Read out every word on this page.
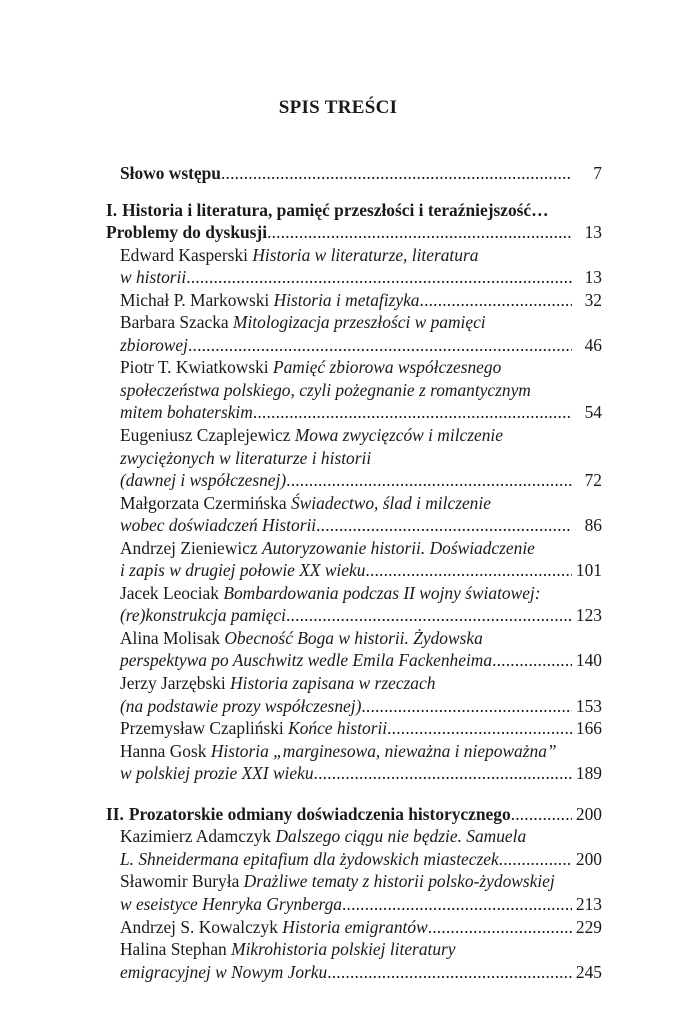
SPIS TREŚCI
Słowo wstępu .....	7
I. Historia i literatura, pamięć przeszłości i teraźniejszość…
Problemy do dyskusji .....	13
Edward Kasperski Historia w literaturze, literatura
w historii .....	13
Michał P. Markowski Historia i metafizyka .....	32
Barbara Szacka Mitologizacja przeszłości w pamięci
zbiorowej .....	46
Piotr T. Kwiatkowski Pamięć zbiorowa współczesnego
społeczeństwa polskiego, czyli pożegnanie z romantycznym
mitem bohaterskim .....	54
Eugeniusz Czaplejewicz Mowa zwycięzców i milczenie
zwyciężonych w literaturze i historii
(dawnej i współczesnej) .....	72
Małgorzata Czermińska Świadectwo, ślad i milczenie
wobec doświadczeń Historii .....	86
Andrzej Zieniewicz Autoryzowanie historii. Doświadczenie
i zapis w drugiej połowie XX wieku .....	101
Jacek Leociak Bombardowania podczas II wojny światowej:
(re)konstrukcja pamięci .....	123
Alina Molisak Obecność Boga w historii. Żydowska
perspektywa po Auschwitz wedle Emila Fackenheima .....	140
Jerzy Jarzębski Historia zapisana w rzeczach
(na podstawie prozy współczesnej) .....	153
Przemysław Czapliński Końce historii .....	166
Hanna Gosk Historia „marginesowa, nieważna i niepoważna”
w polskiej prozie XXI wieku .....	189
II. Prozatorskie odmiany doświadczenia historycznego .....	200
Kazimierz Adamczyk Dalszego ciągu nie będzie. Samuela
L. Shneidermana epitafium dla żydowskich miasteczek .....	200
Sławomir Buryła Drażliwe tematy z historii polsko-żydowskiej
w eseistyce Henryka Grynberga .....	213
Andrzej S. Kowalczyk Historia emigrantów .....	229
Halina Stephan Mikrohistoria polskiej literatury
emigracyjnej w Nowym Jorku .....	245
